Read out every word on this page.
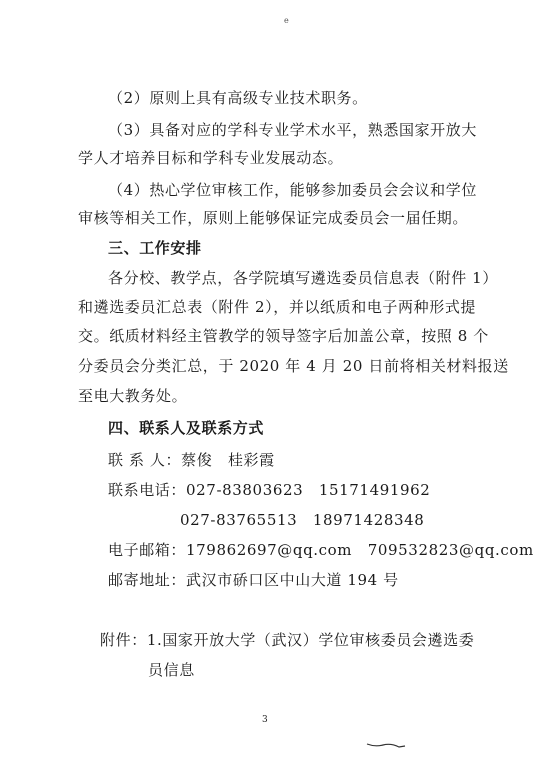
e
（2）原则上具有高级专业技术职务。
（3）具备对应的学科专业学术水平，熟悉国家开放大
学人才培养目标和学科专业发展动态。
（4）热心学位审核工作，能够参加委员会会议和学位
审核等相关工作，原则上能够保证完成委员会一届任期。
三、工作安排
各分校、教学点，各学院填写遴选委员信息表（附件 1）
和遴选委员汇总表（附件 2），并以纸质和电子两种形式提
交。纸质材料经主管教学的领导签字后加盖公章，按照 8 个
分委员会分类汇总，于 2020 年 4 月 20 日前将相关材料报送
至电大教务处。
四、联系人及联系方式
联 系 人：蔡俊　桂彩霞
联系电话：027-83803623　15171491962
027-83765513　18971428348
电子邮箱：179862697@qq.com　709532823@qq.com
邮寄地址：武汉市硚口区中山大道 194 号
附件：1.国家开放大学（武汉）学位审核委员会遴选委
员信息
3
